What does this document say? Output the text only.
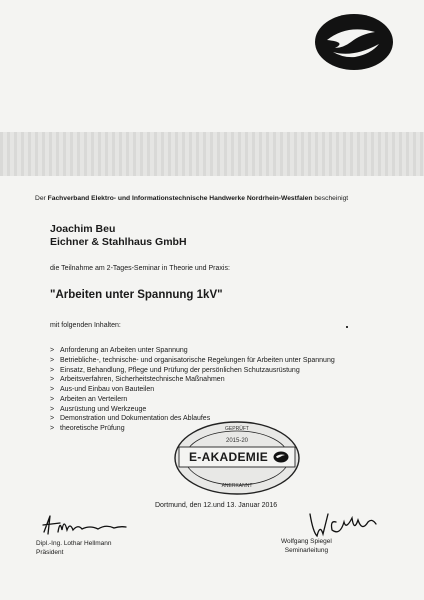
Der Fachverband Elektro- und Informationstechnische Handwerke Nordrhein-Westfalen bescheinigt
Joachim Beu
Eichner & Stahlhaus GmbH
die Teilnahme am 2-Tages-Seminar in Theorie und Praxis:
"Arbeiten unter Spannung 1kV"
mit folgenden Inhalten:
> Anforderung an Arbeiten unter Spannung
> Betriebliche-, technische- und organisatorische Regelungen für Arbeiten unter Spannung
> Einsatz, Behandlung, Pflege und Prüfung der persönlichen Schutzausrüstung
> Arbeitsverfahren, Sicherheitstechnische Maßnahmen
> Aus-und Einbau von Bauteilen
> Arbeiten an Verteilern
> Ausrüstung und Werkzeuge
> Demonstration und Dokumentation des Ablaufes
> theoretische Prüfung	GEPRÜFT
2015-20
E-AKADEMIE
ANERKANNT
Dortmund, den 12.und 13. Januar 2016
Dipl.-Ing. Lothar Hellmann
Präsident
Wolfgang Spiegel
Seminarleitung
